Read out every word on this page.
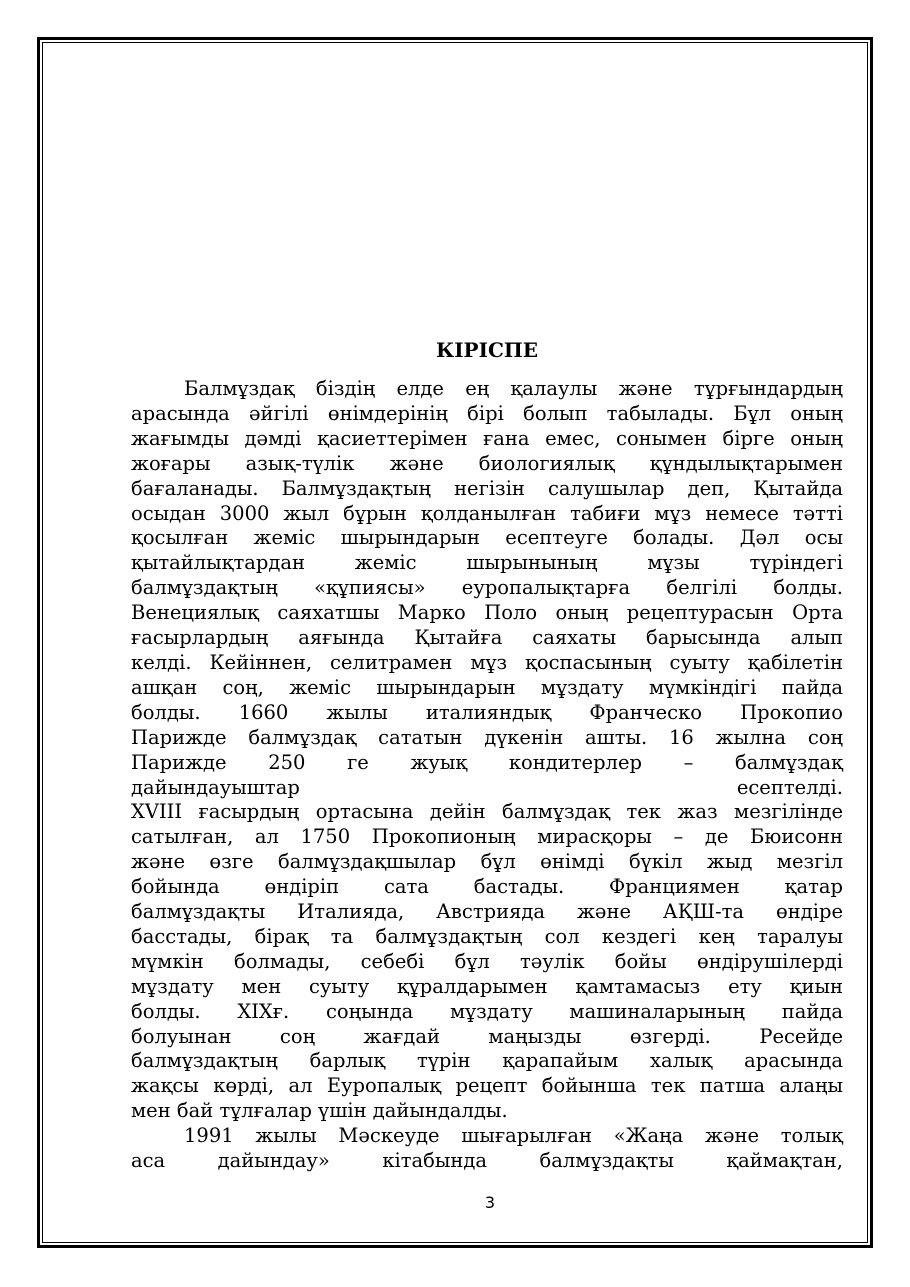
КІРІСПЕ
Балмұздақ біздің елде ең қалаулы және тұрғындардың
арасында әйгілі өнімдерінің бірі болып табылады. Бұл оның
жағымды дәмді қасиеттерімен ғана емес, сонымен бірге оның
жоғары азық-түлік және биологиялық құндылықтарымен
бағаланады. Балмұздақтың негізін салушылар деп, Қытайда
осыдан 3000 жыл бұрын қолданылған табиғи мұз немесе тәтті
қосылған жеміс шырындарын есептеуге болады. Дәл осы
қытайлықтардан жеміс шырынының мұзы түріндегі
балмұздақтың «құпиясы» еуропалықтарға белгілі болды.
Венециялық саяхатшы Марко Поло оның рецептурасын Орта
ғасырлардың аяғында Қытайға саяхаты барысында алып
келді. Кейіннен, селитрамен мұз қоспасының суыту қабілетін
ашқан соң, жеміс шырындарын мұздату мүмкіндігі пайда
болды. 1660 жылы италияндық Франческо Прокопио
Парижде балмұздақ сататын дүкенін ашты. 16 жылна соң
Парижде 250 ге жуық кондитерлер – балмұздақ
дайындауыштар есептелді.
XVIII ғасырдың ортасына дейін балмұздақ тек жаз мезгілінде
сатылған, ал 1750 Прокопионың мирасқоры – де Бюисонн
және өзге балмұздақшылар бұл өнімді бүкіл жыд мезгіл
бойында өндіріп сата бастады. Франциямен қатар
балмұздақты Италияда, Австрияда және АҚШ-та өндіре
басстады, бірақ та балмұздақтың сол кездегі кең таралуы
мүмкін болмады, себебі бұл тәулік бойы өндірушілерді
мұздату мен суыту құралдарымен қамтамасыз ету қиын
болды. XIXғ. соңында мұздату машиналарының пайда
болуынан соң жағдай маңызды өзгерді. Ресейде
балмұздақтың барлық түрін қарапайым халық арасында
жақсы көрді, ал Еуропалық рецепт бойынша тек патша алаңы
мен бай тұлғалар үшін дайындалды.
1991 жылы Мәскеуде шығарылған «Жаңа және толық
аса дайындау» кітабында балмұздақты қаймақтан,
3
